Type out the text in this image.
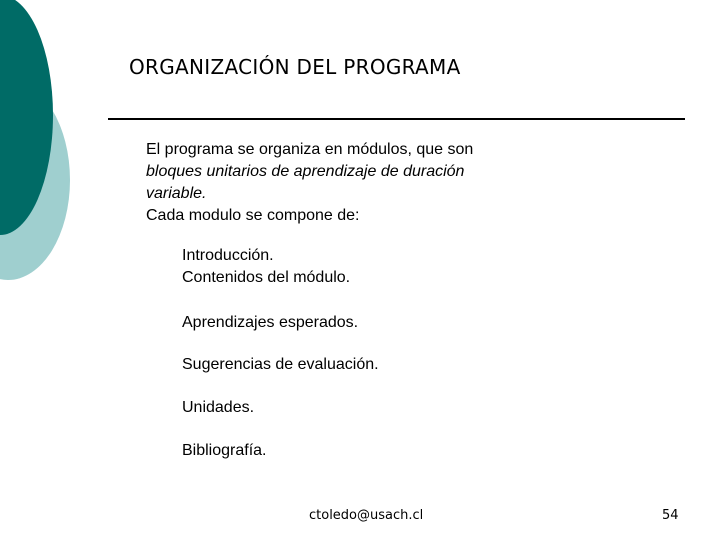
ORGANIZACIÓN DEL PROGRAMA
El programa se organiza en módulos, que son
bloques unitarios de aprendizaje de duración
variable.
Cada modulo se compone de:
Introducción.
Contenidos del módulo.
Aprendizajes esperados.
Sugerencias de evaluación.
Unidades.
Bibliografía.
ctoledo@usach.cl	54
